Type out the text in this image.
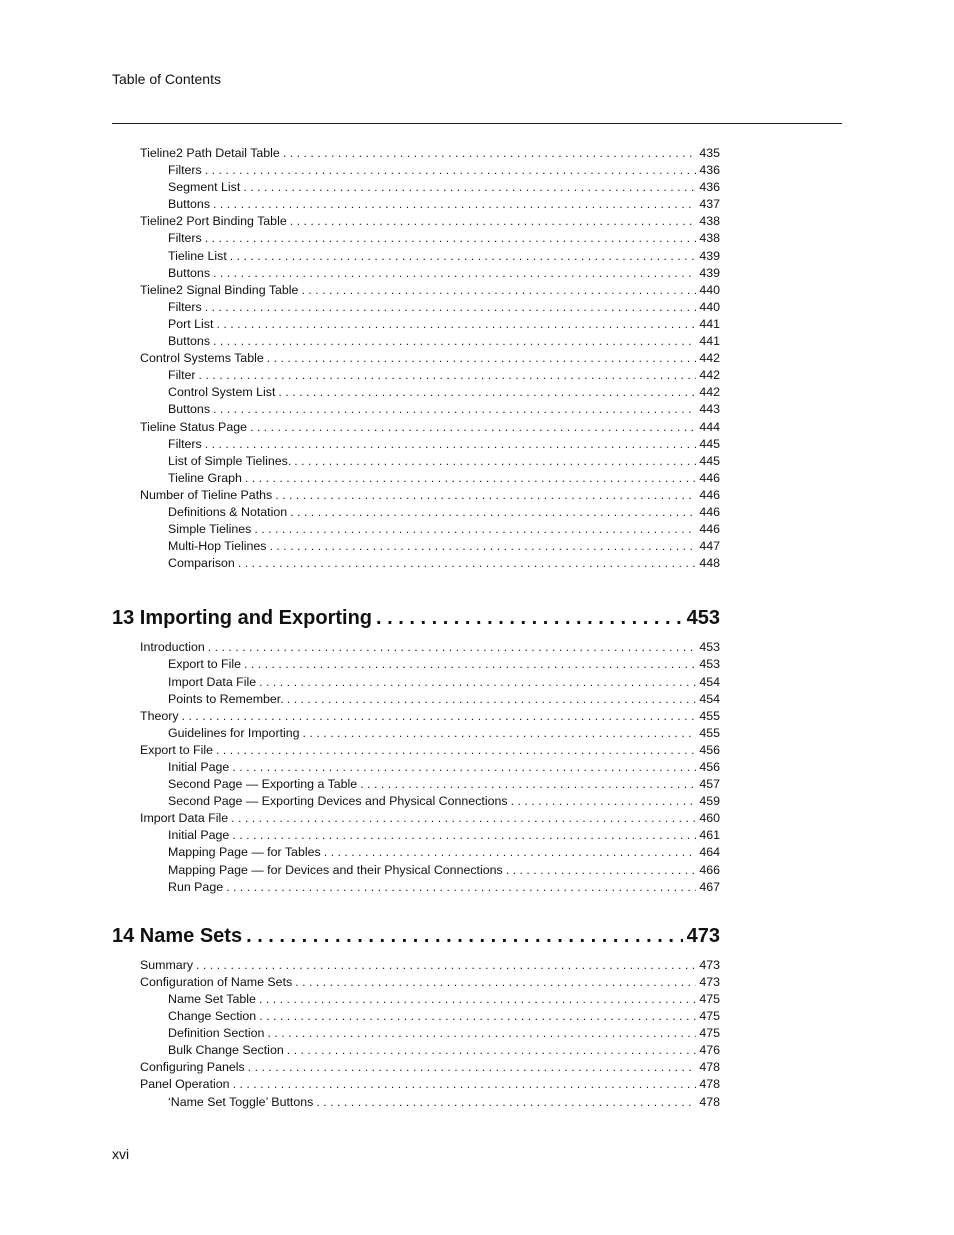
Table of Contents
Tieline2 Path Detail Table . . .	435
Filters . . .	436
Segment List . . .	436
Buttons . . .	437
Tieline2 Port Binding Table . . .	438
Filters . . .	438
Tieline List . . .	439
Buttons . . .	439
Tieline2 Signal Binding Table . . .	440
Filters . . .	440
Port List . . .	441
Buttons . . .	441
Control Systems Table . . .	442
Filter . . .	442
Control System List . . .	442
Buttons . . .	443
Tieline Status Page . . .	444
Filters . . .	445
List of Simple Tielines. . . .	445
Tieline Graph . . .	446
Number of Tieline Paths . . .	446
Definitions & Notation . . .	446
Simple Tielines . . .	446
Multi-Hop Tielines . . .	447
Comparison . . .	448
13 Importing and Exporting . . .	453
Introduction . . .	453
Export to File . . .	453
Import Data File . . .	454
Points to Remember. . . .	454
Theory . . .	455
Guidelines for Importing . . .	455
Export to File . . .	456
Initial Page . . .	456
Second Page — Exporting a Table . . .	457
Second Page — Exporting Devices and Physical Connections . . .	459
Import Data File . . .	460
Initial Page . . .	461
Mapping Page — for Tables . . .	464
Mapping Page — for Devices and their Physical Connections . . .	466
Run Page . . .	467
14 Name Sets . . .	473
Summary . . .	473
Configuration of Name Sets . . .	473
Name Set Table . . .	475
Change Section . . .	475
Definition Section . . .	475
Bulk Change Section . . .	476
Configuring Panels . . .	478
Panel Operation . . .	478
‘Name Set Toggle’ Buttons . . .	478
xvi
